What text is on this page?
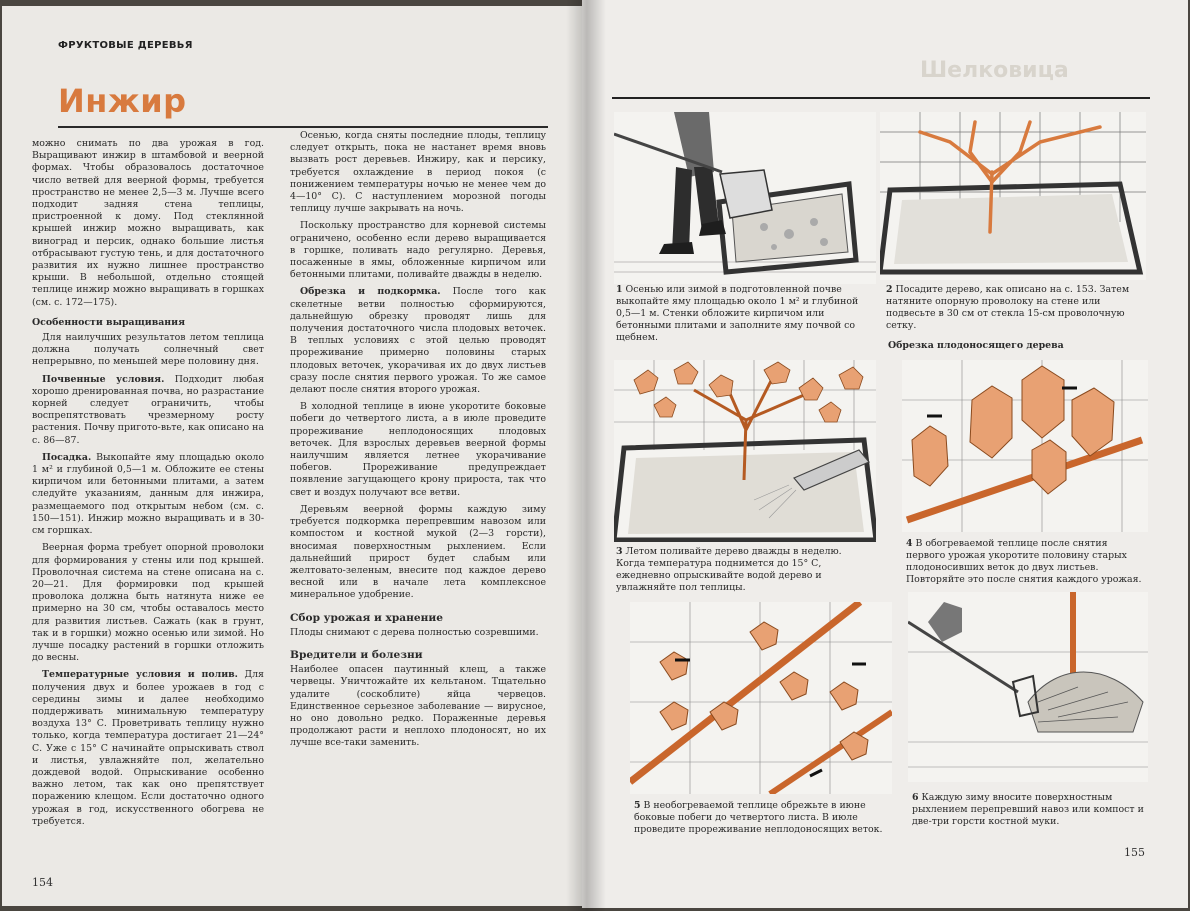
ФРУКТОВЫЕ ДЕРЕВЬЯ
Инжир

можно снимать по два урожая в год. Выращивают инжир в штамбовой и веерной формах. Чтобы образовалось достаточное число ветвей для веерной формы, требуется пространство не менее 2,5—3 м. Лучше всего подходит задняя стена теплицы, пристроенной к дому. Под стеклянной крышей инжир можно выращивать, как виноград и персик, однако большие листья отбрасывают густую тень, и для достаточного развития их нужно лишнее пространство крыши. В небольшой, отдельно стоящей теплице инжир можно выращивать в горшках (см. с. 172—175).

Особенности выращивания

Для наилучших результатов летом теплица должна получать солнечный свет непрерывно, по меньшей мере половину дня.

Почвенные условия. Подходит любая хорошо дренированная почва, но разрастание корней следует ограничить, чтобы воспрепятствовать чрезмерному росту растения. Почву пригото-вьте, как описано на с. 86—87.

Посадка. Выкопайте яму площадью около 1 м² и глубиной 0,5—1 м. Обложите ее стены кирпичом или бетонными плитами, а затем следуйте указаниям, данным для инжира, размещаемого под открытым небом (см. с. 150—151). Инжир можно выращивать и в 30-см горшках.

Веерная форма требует опорной проволоки для формирования у стены или под крышей. Проволочная система на стене описана на с. 20—21. Для формировки под крышей проволока должна быть натянута ниже ее примерно на 30 см, чтобы оставалось место для развития листьев. Сажать (как в грунт, так и в горшки) можно осенью или зимой. Но лучше посадку растений в горшки отложить до весны.

Температурные условия и полив. Для получения двух и более урожаев в год с середины зимы и далее необходимо поддерживать минимальную температуру воздуха 13° С. Проветривать теплицу нужно только, когда температура достигает 21—24° С. Уже с 15° С начинайте опрыскивать ствол и листья, увлажняйте пол, желательно дождевой водой. Опрыскивание особенно важно летом, так как оно препятствует поражению клещом. Если достаточно одного урожая в год, искусственного обогрева не требуется.

Осенью, когда сняты последние плоды, теплицу следует открыть, пока не настанет время вновь вызвать рост деревьев. Инжиру, как и персику, требуется охлаждение в период покоя (с понижением температуры ночью не менее чем до 4—10° С). С наступлением морозной погоды теплицу лучше закрывать на ночь.

Поскольку пространство для корневой системы ограничено, особенно если дерево выращивается в горшке, поливать надо регулярно. Деревья, посаженные в ямы, обложенные кирпичом или бетонными плитами, поливайте дважды в неделю.

Обрезка и подкормка. После того как скелетные ветви полностью сформируются, дальнейшую обрезку проводят лишь для получения достаточного числа плодовых веточек. В теплых условиях с этой целью проводят прореживание примерно половины старых плодовых веточек, укорачивая их до двух листьев сразу после снятия первого урожая. То же самое делают после снятия второго урожая.

В холодной теплице в июне укоротите боковые побеги до четвертого листа, а в июле проведите прореживание неплодоносящих плодовых веточек. Для взрослых деревьев веерной формы наилучшим является летнее укорачивание побегов. Прореживание предупреждает появление загущающего крону прироста, так что свет и воздух получают все ветви.

Деревьям веерной формы каждую зиму требуется подкормка перепревшим навозом или компостом и костной мукой (2—3 горсти), вносимая поверхностным рыхлением. Если дальнейший прирост будет слабым или желтовато-зеленым, внесите под каждое дерево весной или в начале лета комплексное минеральное удобрение.

Сбор урожая и хранение

Плоды снимают с дерева полностью созревшими.

Вредители и болезни

Наиболее опасен паутинный клещ, а также червецы. Уничтожайте их кельтаном. Тщательно удалите (соскоблите) яйца червецов. Единственное серьезное заболевание — вирусное, но оно довольно редко. Пораженные деревья продолжают расти и неплохо плодоносят, но их лучше все-таки заменить.

154
Шелковица
1 Осенью или зимой в подготовленной почве выкопайте яму площадью около 1 м² и глубиной 0,5—1 м. Стенки обложите кирпичом или бетонными плитами и заполните яму почвой со щебнем.
2 Посадите дерево, как описано на с. 153. Затем натяните опорную проволоку на стене или подвесьте в 30 см от стекла 15-см проволочную сетку.
Обрезка плодоносящего дерева
3 Летом поливайте дерево дважды в неделю. Когда температура поднимется до 15° С, ежедневно опрыскивайте водой дерево и увлажняйте пол теплицы.
4 В обогреваемой теплице после снятия первого урожая укоротите половину старых плодоносивших веток до двух листьев. Повторяйте это после снятия каждого урожая.
5 В необогреваемой теплице обрежьте в июне боковые побеги до четвертого листа. В июле проведите прореживание неплодоносящих веток.
6 Каждую зиму вносите поверхностным рыхлением перепревший навоз или компост и две-три горсти костной муки.
155
